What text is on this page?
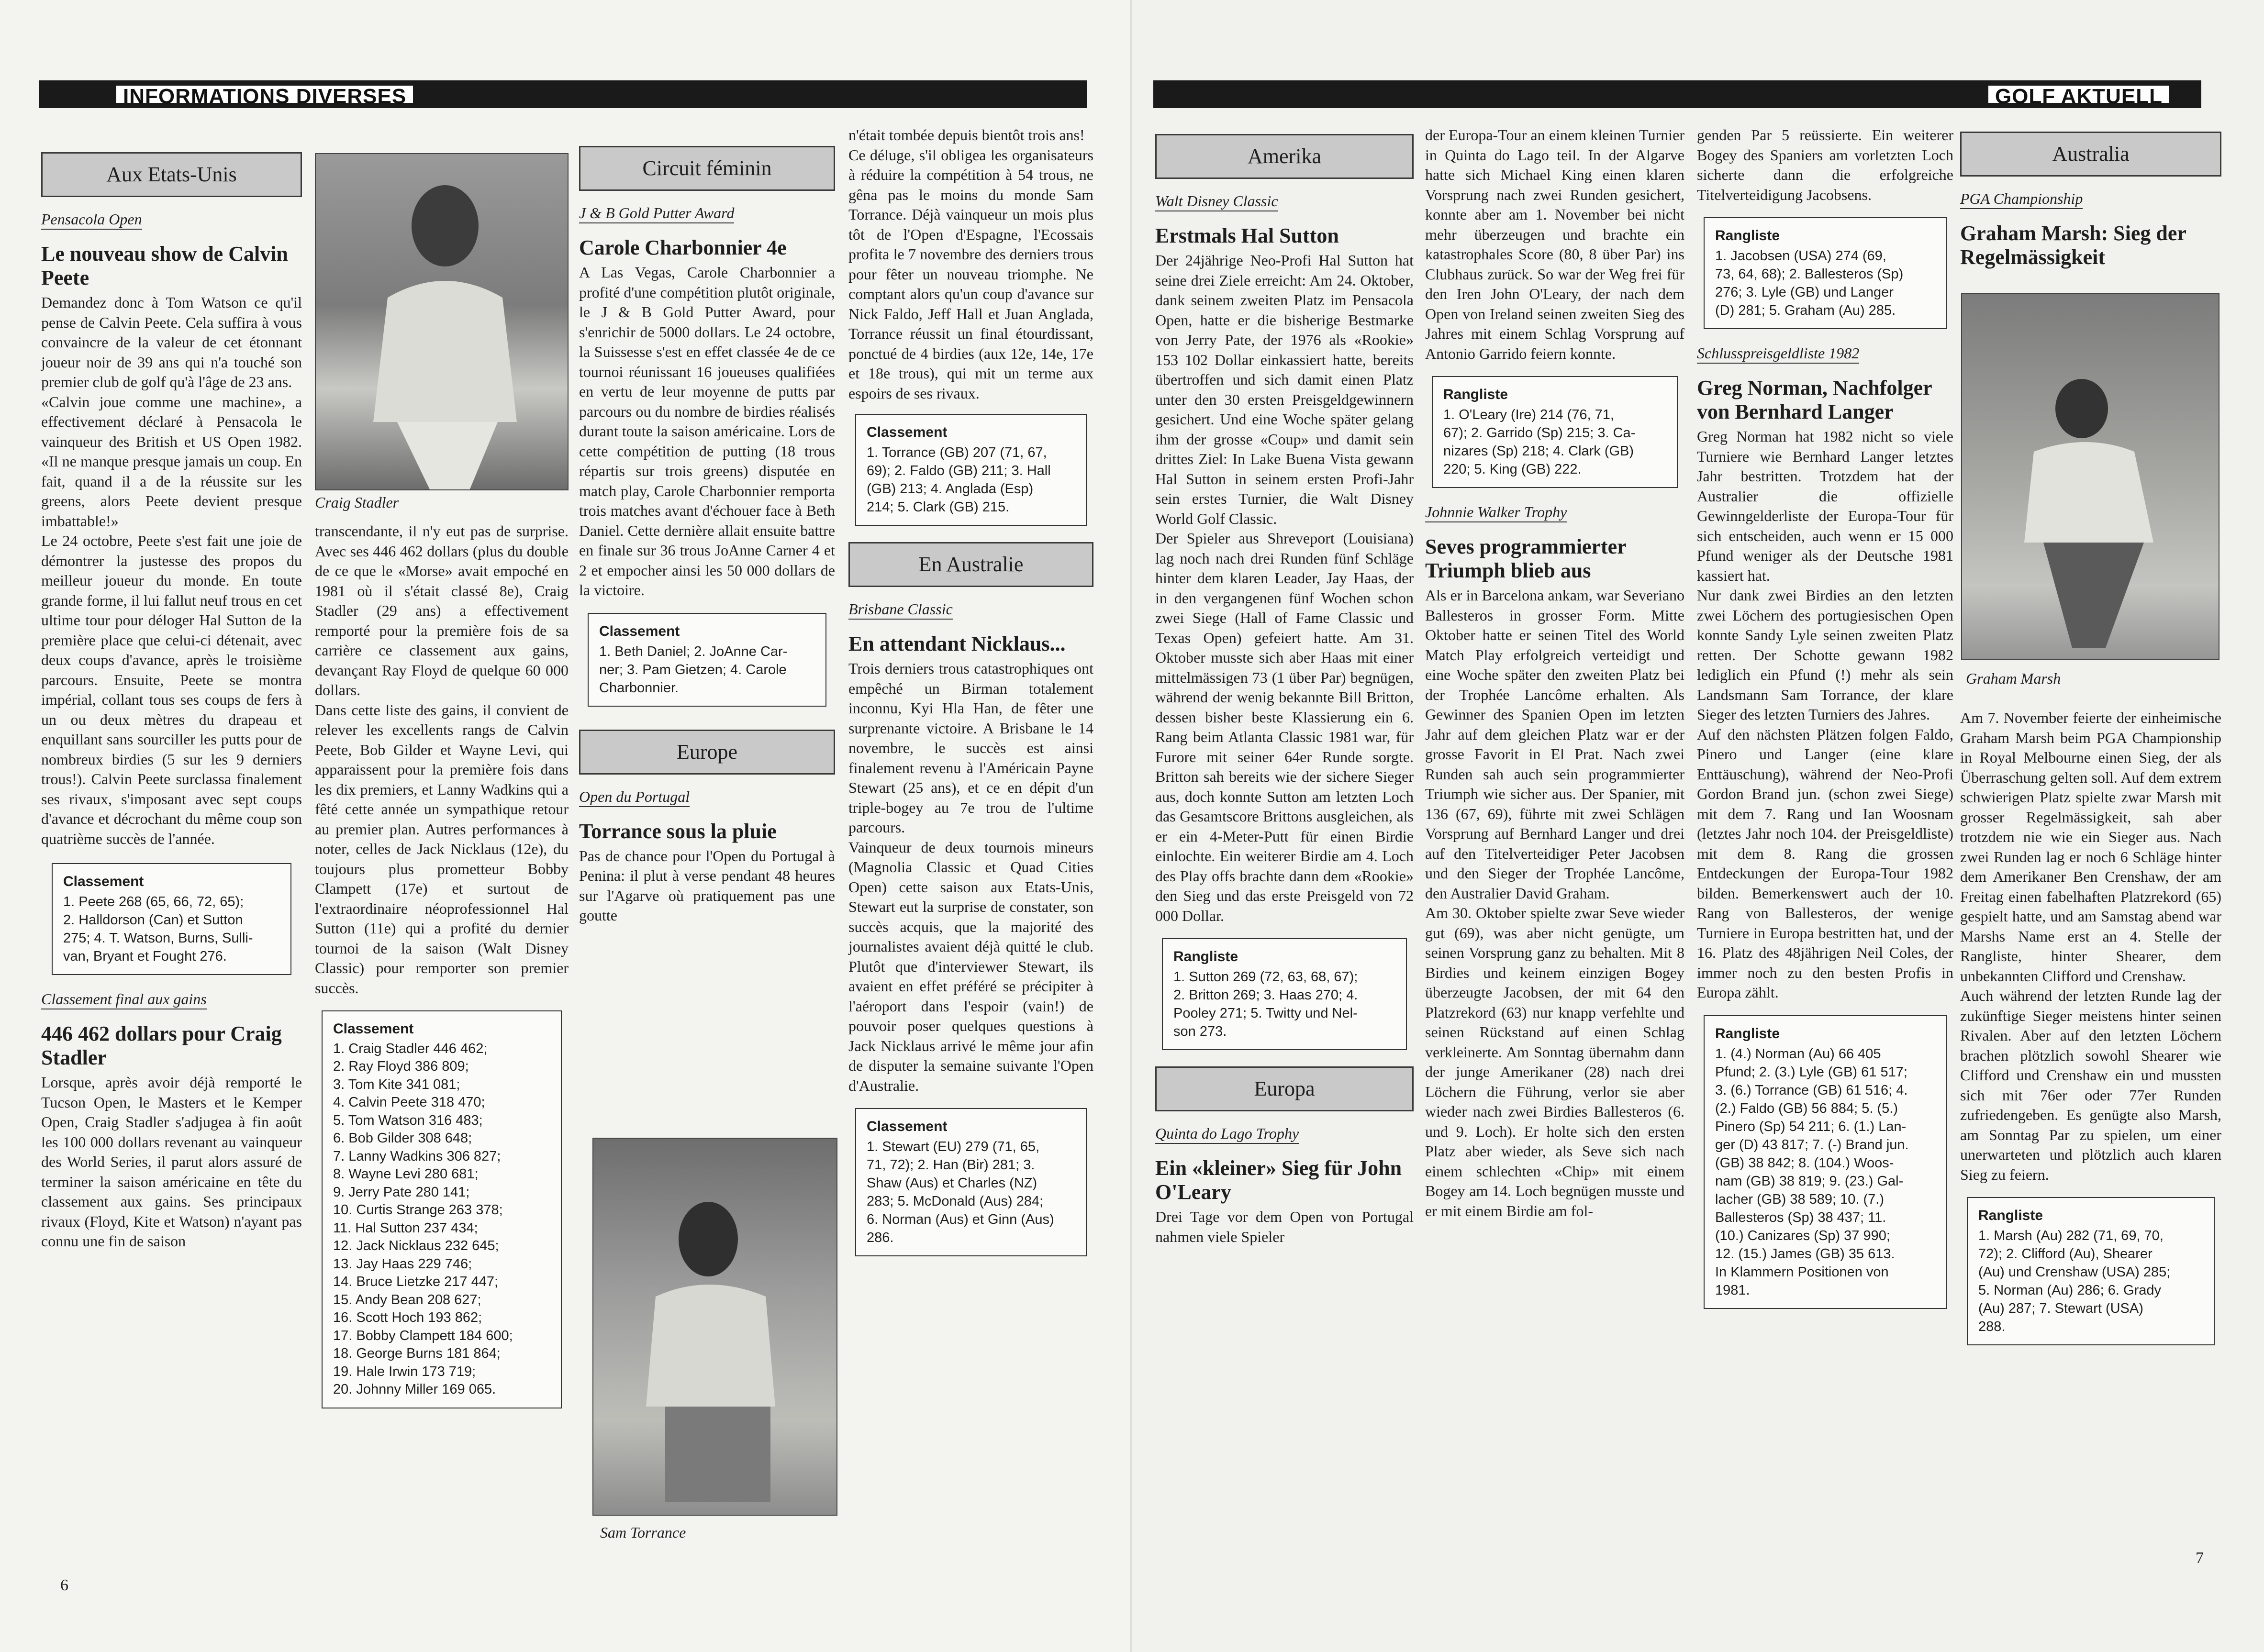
INFORMATIONS DIVERSES
Aux Etats-Unis
Pensacola Open
Le nouveau show de Calvin Peete

Demandez donc à Tom Watson ce qu'il pense de Calvin Peete. Cela suffira à vous convaincre de la valeur de cet étonnant joueur noir de 39 ans qui n'a touché son premier club de golf qu'à l'âge de 23 ans.

«Calvin joue comme une machine», a effectivement déclaré à Pensacola le vainqueur des British et US Open 1982. «Il ne manque presque jamais un coup. En fait, quand il a de la réussite sur les greens, alors Peete devient presque imbattable!»

Le 24 octobre, Peete s'est fait une joie de démontrer la justesse des propos du meilleur joueur du monde. En toute grande forme, il lui fallut neuf trous en cet ultime tour pour déloger Hal Sutton de la première place que celui-ci détenait, avec deux coups d'avance, après le troisième parcours. Ensuite, Peete se montra impérial, collant tous ses coups de fers à un ou deux mètres du drapeau et enquillant sans sourciller les putts pour de nombreux birdies (5 sur les 9 derniers trous!). Calvin Peete surclassa finalement ses rivaux, s'imposant avec sept coups d'avance et décrochant du même coup son quatrième succès de l'année.

Classement
1. Peete 268 (65, 66, 72, 65);
2. Halldorson (Can) et Sutton
275; 4. T. Watson, Burns, Sulli-
van, Bryant et Fought 276.
Classement final aux gains
446 462 dollars pour Craig Stadler

Lorsque, après avoir déjà remporté le Tucson Open, le Masters et le Kemper Open, Craig Stadler s'adjugea à fin août les 100 000 dollars revenant au vainqueur des World Series, il parut alors assuré de terminer la saison américaine en tête du classement aux gains. Ses principaux rivaux (Floyd, Kite et Watson) n'ayant pas connu une fin de saison

Craig Stadler

transcendante, il n'y eut pas de surprise. Avec ses 446 462 dollars (plus du double de ce que le «Morse» avait empoché en 1981 où il s'était classé 8e), Craig Stadler (29 ans) a effectivement remporté pour la première fois de sa carrière ce classement aux gains, devançant Ray Floyd de quelque 60 000 dollars.

Dans cette liste des gains, il convient de relever les excellents rangs de Calvin Peete, Bob Gilder et Wayne Levi, qui apparaissent pour la première fois dans les dix premiers, et Lanny Wadkins qui a fêté cette année un sympathique retour au premier plan. Autres performances à noter, celles de Jack Nicklaus (12e), du toujours plus prometteur Bobby Clampett (17e) et surtout de l'extraordinaire néoprofessionnel Hal Sutton (11e) qui a profité du dernier tournoi de la saison (Walt Disney Classic) pour remporter son premier succès.

Classement
1. Craig Stadler 446 462;
2. Ray Floyd 386 809;
3. Tom Kite 341 081;
4. Calvin Peete 318 470;
5. Tom Watson 316 483;
6. Bob Gilder 308 648;
7. Lanny Wadkins 306 827;
8. Wayne Levi 280 681;
9. Jerry Pate 280 141;
10. Curtis Strange 263 378;
11. Hal Sutton 237 434;
12. Jack Nicklaus 232 645;
13. Jay Haas 229 746;
14. Bruce Lietzke 217 447;
15. Andy Bean 208 627;
16. Scott Hoch 193 862;
17. Bobby Clampett 184 600;
18. George Burns 181 864;
19. Hale Irwin 173 719;
20. Johnny Miller 169 065.
Circuit féminin
J & B Gold Putter Award
Carole Charbonnier 4e

A Las Vegas, Carole Charbonnier a profité d'une compétition plutôt originale, le J & B Gold Putter Award, pour s'enrichir de 5000 dollars. Le 24 octobre, la Suissesse s'est en effet classée 4e de ce tournoi réunissant 16 joueuses qualifiées en vertu de leur moyenne de putts par parcours ou du nombre de birdies réalisés durant toute la saison américaine. Lors de cette compétition de putting (18 trous répartis sur trois greens) disputée en match play, Carole Charbonnier remporta trois matches avant d'échouer face à Beth Daniel. Cette dernière allait ensuite battre en finale sur 36 trous JoAnne Carner 4 et 2 et empocher ainsi les 50 000 dollars de la victoire.

Classement
1. Beth Daniel; 2. JoAnne Car-
ner; 3. Pam Gietzen; 4. Carole
Charbonnier.
Europe
Open du Portugal
Torrance sous la pluie

Pas de chance pour l'Open du Portugal à Penina: il plut à verse pendant 48 heures sur l'Agarve où pratiquement pas une goutte

Sam Torrance

n'était tombée depuis bientôt trois ans!

Ce déluge, s'il obligea les organisateurs à réduire la compétition à 54 trous, ne gêna pas le moins du monde Sam Torrance. Déjà vainqueur un mois plus tôt de l'Open d'Espagne, l'Ecossais profita le 7 novembre des derniers trous pour fêter un nouveau triomphe. Ne comptant alors qu'un coup d'avance sur Nick Faldo, Jeff Hall et Juan Anglada, Torrance réussit un final étourdissant, ponctué de 4 birdies (aux 12e, 14e, 17e et 18e trous), qui mit un terme aux espoirs de ses rivaux.

Classement
1. Torrance (GB) 207 (71, 67,
69); 2. Faldo (GB) 211; 3. Hall
(GB) 213; 4. Anglada (Esp)
214; 5. Clark (GB) 215.
En Australie
Brisbane Classic
En attendant Nicklaus...

Trois derniers trous catastrophiques ont empêché un Birman totalement inconnu, Kyi Hla Han, de fêter une surprenante victoire. A Brisbane le 14 novembre, le succès est ainsi finalement revenu à l'Américain Payne Stewart (25 ans), et ce en dépit d'un triple-bogey au 7e trou de l'ultime parcours.

Vainqueur de deux tournois mineurs (Magnolia Classic et Quad Cities Open) cette saison aux Etats-Unis, Stewart eut la surprise de constater, son succès acquis, que la majorité des journalistes avaient déjà quitté le club. Plutôt que d'interviewer Stewart, ils avaient en effet préféré se précipiter à l'aéroport dans l'espoir (vain!) de pouvoir poser quelques questions à Jack Nicklaus arrivé le même jour afin de disputer la semaine suivante l'Open d'Australie.

Classement
1. Stewart (EU) 279 (71, 65,
71, 72); 2. Han (Bir) 281; 3.
Shaw (Aus) et Charles (NZ)
283; 5. McDonald (Aus) 284;
6. Norman (Aus) et Ginn (Aus)
286.
6
GOLF AKTUELL
Amerika
Walt Disney Classic
Erstmals Hal Sutton

Der 24jährige Neo-Profi Hal Sutton hat seine drei Ziele erreicht: Am 24. Oktober, dank seinem zweiten Platz im Pensacola Open, hatte er die bisherige Bestmarke von Jerry Pate, der 1976 als «Rookie» 153 102 Dollar einkassiert hatte, bereits übertroffen und sich damit einen Platz unter den 30 ersten Preisgeldgewinnern gesichert. Und eine Woche später gelang ihm der grosse «Coup» und damit sein drittes Ziel: In Lake Buena Vista gewann Hal Sutton in seinem ersten Profi-Jahr sein erstes Turnier, die Walt Disney World Golf Classic.

Der Spieler aus Shreveport (Louisiana) lag noch nach drei Runden fünf Schläge hinter dem klaren Leader, Jay Haas, der in den vergangenen fünf Wochen schon zwei Siege (Hall of Fame Classic und Texas Open) gefeiert hatte. Am 31. Oktober musste sich aber Haas mit einer mittelmässigen 73 (1 über Par) begnügen, während der wenig bekannte Bill Britton, dessen bisher beste Klassierung ein 6. Rang beim Atlanta Classic 1981 war, für Furore mit seiner 64er Runde sorgte. Britton sah bereits wie der sichere Sieger aus, doch konnte Sutton am letzten Loch das Gesamtscore Brittons ausgleichen, als er ein 4-Meter-Putt für einen Birdie einlochte. Ein weiterer Birdie am 4. Loch des Play offs brachte dann dem «Rookie» den Sieg und das erste Preisgeld von 72 000 Dollar.

Rangliste
1. Sutton 269 (72, 63, 68, 67);
2. Britton 269; 3. Haas 270; 4.
Pooley 271; 5. Twitty und Nel-
son 273.
Europa
Quinta do Lago Trophy
Ein «kleiner» Sieg für John O'Leary

Drei Tage vor dem Open von Portugal nahmen viele Spieler

der Europa-Tour an einem kleinen Turnier in Quinta do Lago teil. In der Algarve hatte sich Michael King einen klaren Vorsprung nach zwei Runden gesichert, konnte aber am 1. November bei nicht mehr überzeugen und brachte ein katastrophales Score (80, 8 über Par) ins Clubhaus zurück. So war der Weg frei für den Iren John O'Leary, der nach dem Open von Ireland seinen zweiten Sieg des Jahres mit einem Schlag Vorsprung auf Antonio Garrido feiern konnte.

Rang​liste
1. O'Leary (Ire) 214 (76, 71,
67); 2. Garrido (Sp) 215; 3. Ca-
nizares (Sp) 218; 4. Clark (GB)
220; 5. King (GB) 222.
Johnnie Walker Trophy
Seves programmierter Triumph blieb aus

Als er in Barcelona ankam, war Severiano Ballesteros in grosser Form. Mitte Oktober hatte er seinen Titel des World Match Play erfolgreich verteidigt und eine Woche später den zweiten Platz bei der Trophée Lancôme erhalten. Als Gewinner des Spanien Open im letzten Jahr auf dem gleichen Platz war er der grosse Favorit in El Prat. Nach zwei Runden sah auch sein programmierter Triumph wie sicher aus. Der Spanier, mit 136 (67, 69), führte mit zwei Schlägen Vorsprung auf Bernhard Langer und drei auf den Titelverteidiger Peter Jacobsen und den Sieger der Trophée Lancôme, den Australier David Graham.

Am 30. Oktober spielte zwar Seve wieder gut (69), was aber nicht genügte, um seinen Vorsprung ganz zu behalten. Mit 8 Birdies und keinem einzigen Bogey überzeugte Jacobsen, der mit 64 den Platzrekord (63) nur knapp verfehlte und seinen Rückstand auf einen Schlag verkleinerte. Am Sonntag übernahm dann der junge Amerikaner (28) nach drei Löchern die Führung, verlor sie aber wieder nach zwei Birdies Ballesteros (6. und 9. Loch). Er holte sich den ersten Platz aber wieder, als Seve sich nach einem schlechten «Chip» mit einem Bogey am 14. Loch begnügen musste und er mit einem Birdie am fol-

genden Par 5 reüssierte. Ein weiterer Bogey des Spaniers am vorletzten Loch sicherte dann die erfolgreiche Titelverteidigung Jacobsens.

Rangliste
1. Jacobsen (USA) 274 (69,
73, 64, 68); 2. Ballesteros (Sp)
276; 3. Lyle (GB) und Langer
(D) 281; 5. Graham (Au) 285.
Schlusspreisgeldliste 1982
Greg Norman, Nachfolger von Bernhard Langer

Greg Norman hat 1982 nicht so viele Turniere wie Bernhard Langer letztes Jahr bestritten. Trotzdem hat der Australier die offizielle Gewinngelderliste der Europa-Tour für sich entscheiden, auch wenn er 15 000 Pfund weniger als der Deutsche 1981 kassiert hat.

Nur dank zwei Birdies an den letzten zwei Löchern des portugiesischen Open konnte Sandy Lyle seinen zweiten Platz retten. Der Schotte gewann 1982 lediglich ein Pfund (!) mehr als sein Landsmann Sam Torrance, der klare Sieger des letzten Turniers des Jahres.

Auf den nächsten Plätzen folgen Faldo, Pinero und Langer (eine klare Enttäuschung), während der Neo-Profi Gordon Brand jun. (schon zwei Siege) mit dem 7. Rang und Ian Woosnam (letztes Jahr noch 104. der Preisgeldliste) mit dem 8. Rang die grossen Entdeckungen der Europa-Tour 1982 bilden. Bemerkenswert auch der 10. Rang von Ballesteros, der wenige Turniere in Europa bestritten hat, und der 16. Platz des 48jährigen Neil Coles, der immer noch zu den besten Profis in Europa zählt.

Rangliste
1. (4.) Norman (Au) 66 405
Pfund; 2. (3.) Lyle (GB) 61 517;
3. (6.) Torrance (GB) 61 516; 4.
(2.) Faldo (GB) 56 884; 5. (5.)
Pinero (Sp) 54 211; 6. (1.) Lan-
ger (D) 43 817; 7. (-) Brand jun.
(GB) 38 842; 8. (104.) Woos-
nam (GB) 38 819; 9. (23.) Gal-
lacher (GB) 38 589; 10. (7.)
Ballesteros (Sp) 38 437; 11.
(10.) Canizares (Sp) 37 990;
12. (15.) James (GB) 35 613.
In Klammern Positionen von
1981.
Australia
PGA Championship
Graham Marsh: Sieg der Regelmässigkeit
Graham Marsh

Am 7. November feierte der einheimische Graham Marsh beim PGA Championship in Royal Melbourne einen Sieg, der als Überraschung gelten soll. Auf dem extrem schwierigen Platz spielte zwar Marsh mit grosser Regelmässigkeit, sah aber trotzdem nie wie ein Sieger aus. Nach zwei Runden lag er noch 6 Schläge hinter dem Amerikaner Ben Crenshaw, der am Freitag einen fabelhaften Platzrekord (65) gespielt hatte, und am Samstag abend war Marshs Name erst an 4. Stelle der Rangliste, hinter Shearer, dem unbekannten Clifford und Crenshaw.

Auch während der letzten Runde lag der zukünftige Sieger meistens hinter seinen Rivalen. Aber auf den letzten Löchern brachen plötzlich sowohl Shearer wie Clifford und Crenshaw ein und mussten sich mit 76er oder 77er Runden zufriedengeben. Es genügte also Marsh, am Sonntag Par zu spielen, um einer unerwarteten und plötzlich auch klaren Sieg zu feiern.

Rangliste
1. Marsh (Au) 282 (71, 69, 70,
72); 2. Clifford (Au), Shearer
(Au) und Crenshaw (USA) 285;
5. Norman (Au) 286; 6. Grady
(Au) 287; 7. Stewart (USA)
288.
7
